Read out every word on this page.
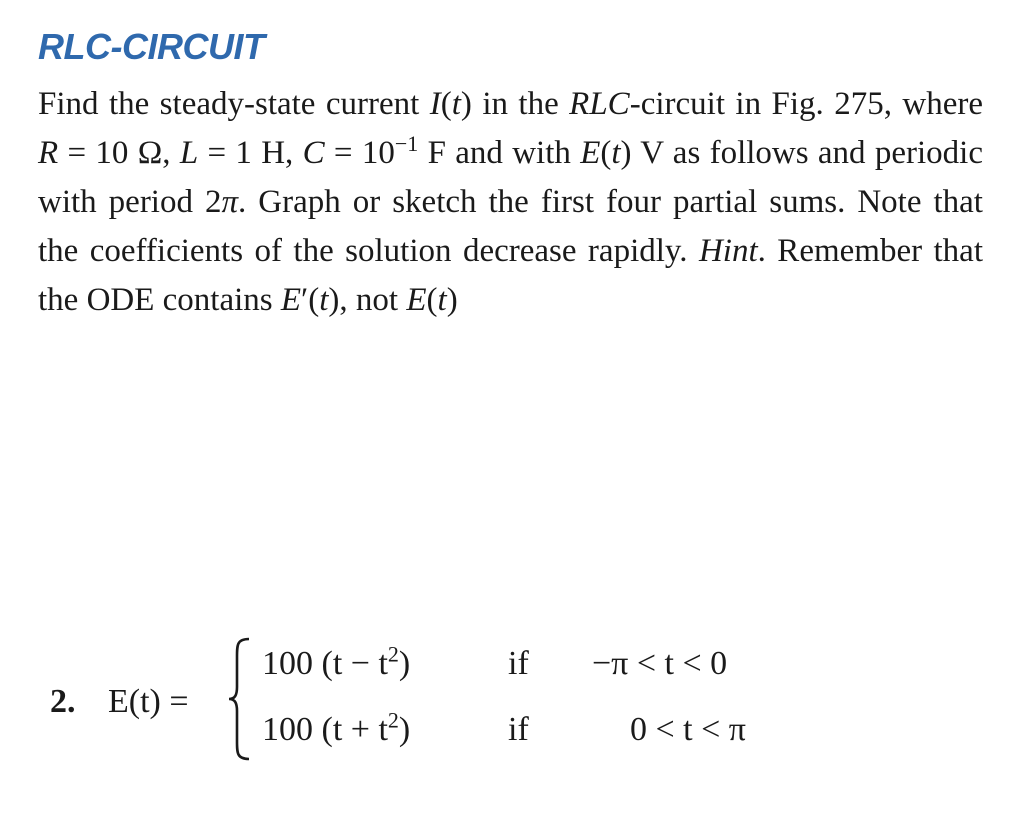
RLC-CIRCUIT
Find the steady-state current I(t) in the RLC-circuit in Fig. 275, where R = 10 Ω, L = 1 H, $C = 10^{-1}$ F and with E(t) V as follows and periodic with period 2π. Graph or sketch the first four partial sums. Note that the coefficients of the solution decrease rapidly. Hint. Remember that the ODE contains E′(t), not E(t)
2. E(t) =
100 $(t - t^2)$	if −π < t < 0
100 $(t + t^2)$	if	0 < t < π
